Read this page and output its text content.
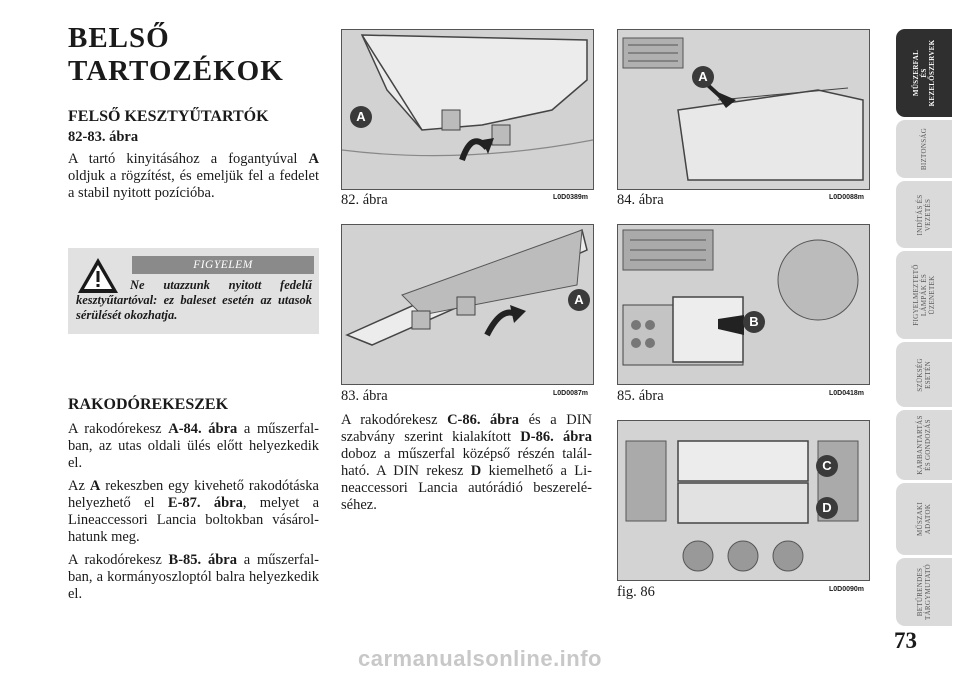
BELSŐ
TARTOZÉKOK

FELSŐ KESZTYŰTARTÓK

82-83. ábra

A tartó kinyitásához a fogantyúval A oldjuk a rögzítést, és emeljük fel a fedelet a stabil nyitott pozícióba.

FIGYELEM

Ne utazzunk nyitott fedelű kesztyűtartóval: ez baleset esetén az utasok sérülését okozhatja.

RAKODÓREKESZEK

A rakodórekesz A-84. ábra a műszerfalban, az utas oldali ülés előtt helyezkedik el.

Az A rekeszben egy kivehető rakodótáska helyezhető el E-87. ábra, melyet a Lineaccessori Lancia boltokban vásárolhatunk meg.

A rakodórekesz B-85. ábra a műszerfalban, a kormányoszloptól balra helyezkedik el.

A
82. ábra	L0D0389m
A
84. ábra	L0D0088m
A
83. ábra	L0D0087m
B
85. ábra	L0D0418m
C
D
fig. 86	L0D0090m

A rakodórekesz C-86. ábra és a DIN szabvány szerint kialakított D-86. ábra doboz a műszerfal középső részén található. A DIN rekesz D kiemelhető a Lineaccessori Lancia autórádió beszereléséhez.

MŰSZERFAL
ÉS
KEZELŐSZERVEK
BIZTONSÁG
INDÍTÁS ÉS
VEZETÉS
FIGYELMEZTETŐ
LÁMPÁK ÉS
ÜZENETEK
SZÜKSÉG
ESETÉN
KARBANTARTÁS
ÉS GONDOZÁS
MŰSZAKI
ADATOK
BETŰRENDES
TÁRGYMUTATÓ
73
carmanualsonline.info
